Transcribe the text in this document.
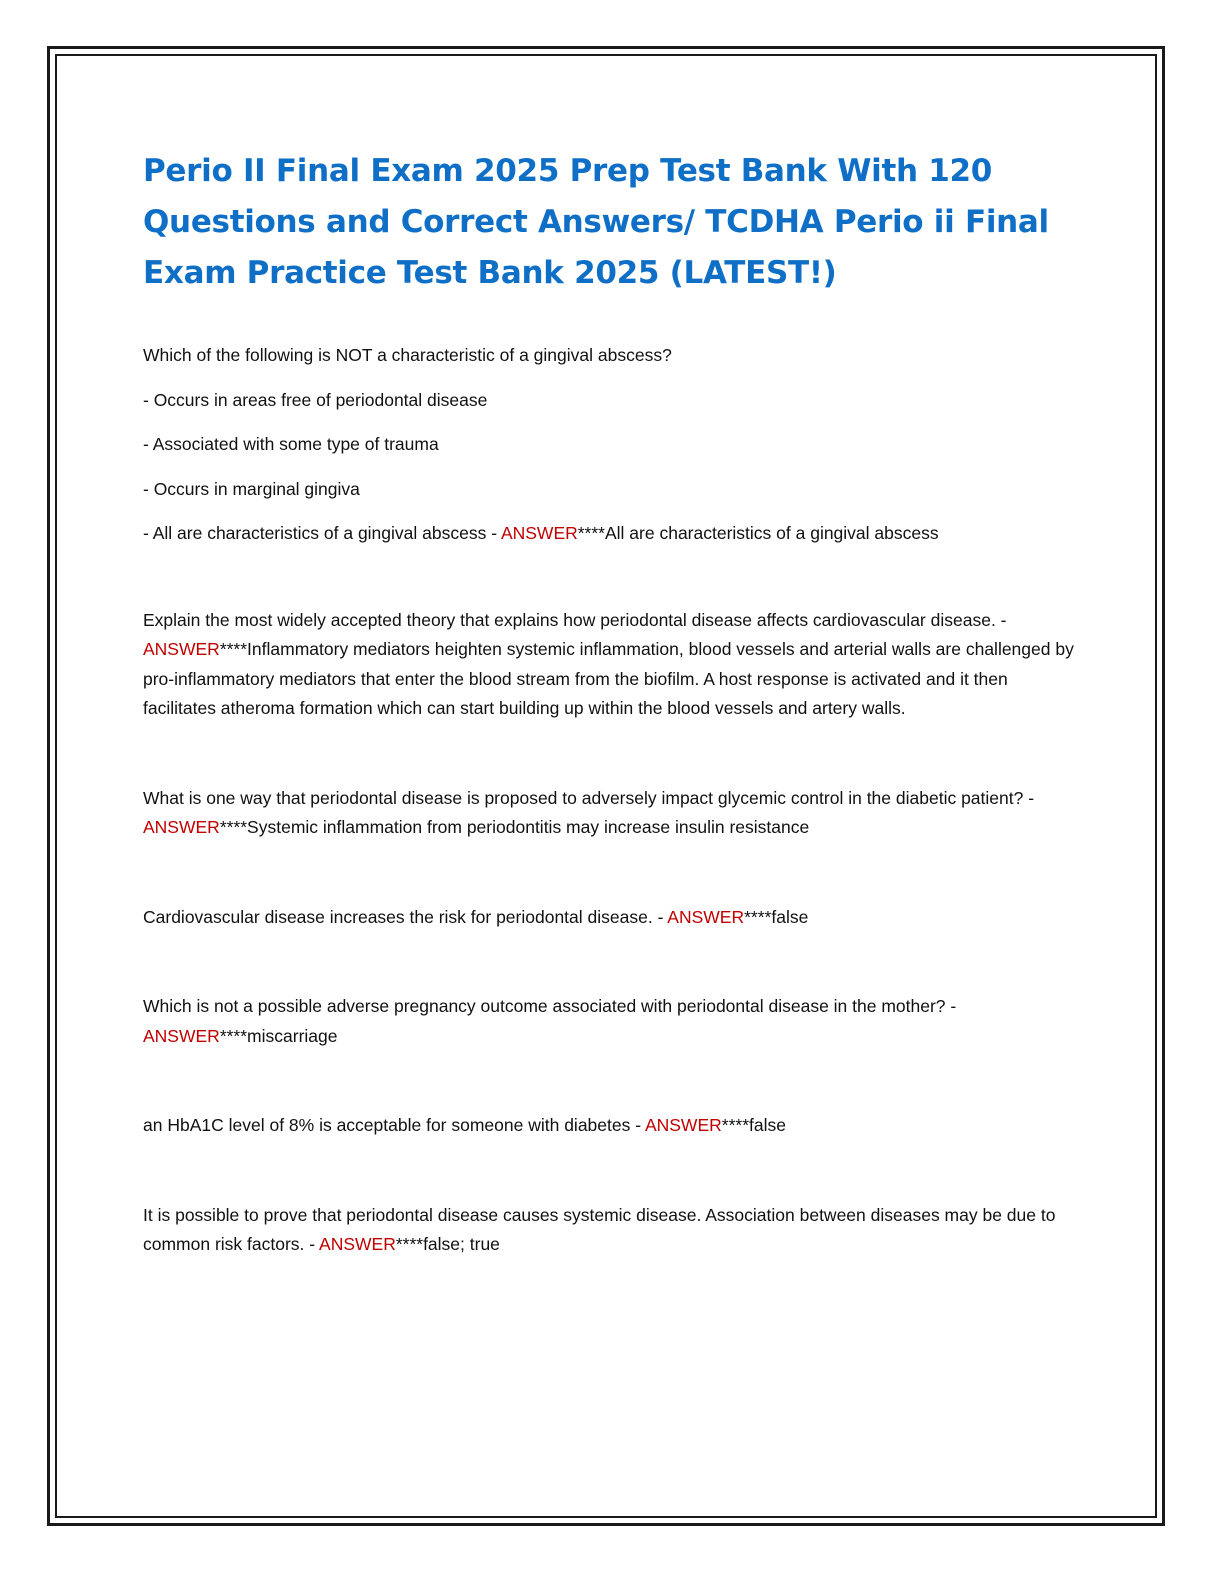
Perio II Final Exam 2025 Prep Test Bank With 120 Questions and Correct Answers/ TCDHA Perio ii Final Exam Practice Test Bank 2025 (LATEST!)

Which of the following is NOT a characteristic of a gingival abscess?

- Occurs in areas free of periodontal disease

- Associated with some type of trauma

- Occurs in marginal gingiva

- All are characteristics of a gingival abscess - ANSWER****All are characteristics of a gingival abscess

Explain the most widely accepted theory that explains how periodontal disease affects cardiovascular disease. - ANSWER****Inflammatory mediators heighten systemic inflammation, blood vessels and arterial walls are challenged by pro-inflammatory mediators that enter the blood stream from the biofilm. A host response is activated and it then facilitates atheroma formation which can start building up within the blood vessels and artery walls.

What is one way that periodontal disease is proposed to adversely impact glycemic control in the diabetic patient? - ANSWER****Systemic inflammation from periodontitis may increase insulin resistance

Cardiovascular disease increases the risk for periodontal disease. - ANSWER****false

Which is not a possible adverse pregnancy outcome associated with periodontal disease in the mother? - ANSWER****miscarriage

an HbA1C level of 8% is acceptable for someone with diabetes - ANSWER****false

It is possible to prove that periodontal disease causes systemic disease. Association between diseases may be due to common risk factors. - ANSWER****false; true
